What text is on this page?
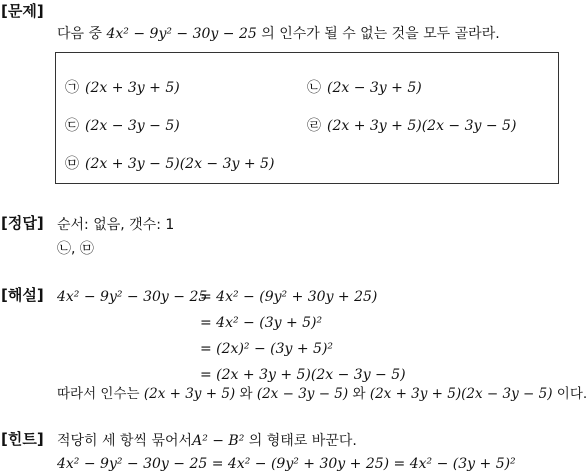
[문제]
다음 중 4x² − 9y² − 30y − 25 의 인수가 될 수 없는 것을 모두 골라라.
㉠ (2x + 3y + 5)	㉡ (2x − 3y + 5)
㉢ (2x − 3y − 5)	㉣ (2x + 3y + 5)(2x − 3y − 5)
㉤ (2x + 3y − 5)(2x − 3y + 5)
[정답] 순서: 없음, 갯수: 1
㉡, ㉤
[해설] 4x² − 9y² − 30y − 25
= 4x² − (9y² + 30y + 25)
= 4x² − (3y + 5)²
= (2x)² − (3y + 5)²
= (2x + 3y + 5)(2x − 3y − 5)
따라서 인수는 (2x + 3y + 5) 와 (2x − 3y − 5) 와 (2x + 3y + 5)(2x − 3y − 5) 이다.
[힌트] 적당히 세 항씩 묶어서A² − B² 의 형태로 바꾼다.
4x² − 9y² − 30y − 25 = 4x² − (9y² + 30y + 25) = 4x² − (3y + 5)²
